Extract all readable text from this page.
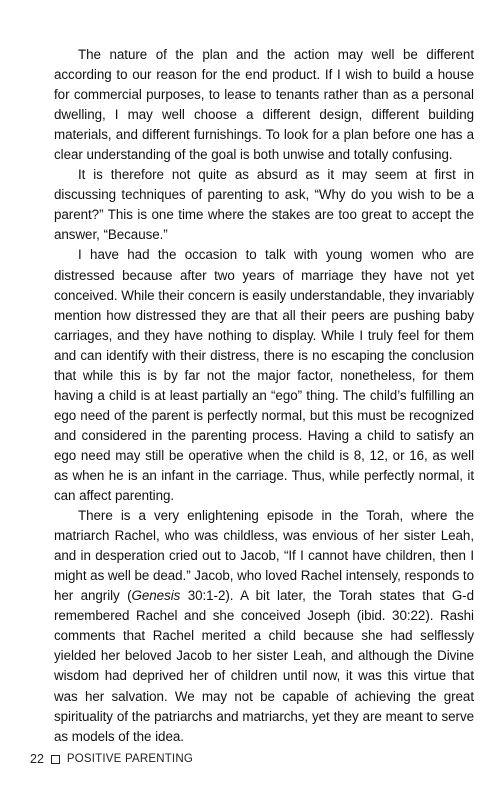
The nature of the plan and the action may well be different according to our reason for the end product. If I wish to build a house for commercial purposes, to lease to tenants rather than as a personal dwelling, I may well choose a different design, different building materials, and different furnishings. To look for a plan before one has a clear understanding of the goal is both unwise and totally confusing.

It is therefore not quite as absurd as it may seem at first in discussing techniques of parenting to ask, “Why do you wish to be a parent?” This is one time where the stakes are too great to accept the answer, “Because.”

I have had the occasion to talk with young women who are distressed because after two years of marriage they have not yet conceived. While their concern is easily understandable, they invariably mention how distressed they are that all their peers are pushing baby carriages, and they have nothing to display. While I truly feel for them and can identify with their distress, there is no escaping the conclusion that while this is by far not the major factor, nonetheless, for them having a child is at least partially an “ego” thing. The child’s fulfilling an ego need of the parent is perfectly normal, but this must be recognized and considered in the parenting process. Having a child to satisfy an ego need may still be operative when the child is 8, 12, or 16, as well as when he is an infant in the carriage. Thus, while perfectly normal, it can affect parenting.

There is a very enlightening episode in the Torah, where the matriarch Rachel, who was childless, was envious of her sister Leah, and in desperation cried out to Jacob, “If I cannot have children, then I might as well be dead.” Jacob, who loved Rachel intensely, responds to her angrily (Genesis 30:1-2). A bit later, the Torah states that G-d remembered Rachel and she conceived Joseph (ibid. 30:22). Rashi comments that Rachel merited a child because she had selflessly yielded her beloved Jacob to her sister Leah, and although the Divine wisdom had deprived her of children until now, it was this virtue that was her salvation. We may not be capable of achieving the great spirituality of the patriarchs and matriarchs, yet they are meant to serve as models of the idea.

22 POSITIVE PARENTING
